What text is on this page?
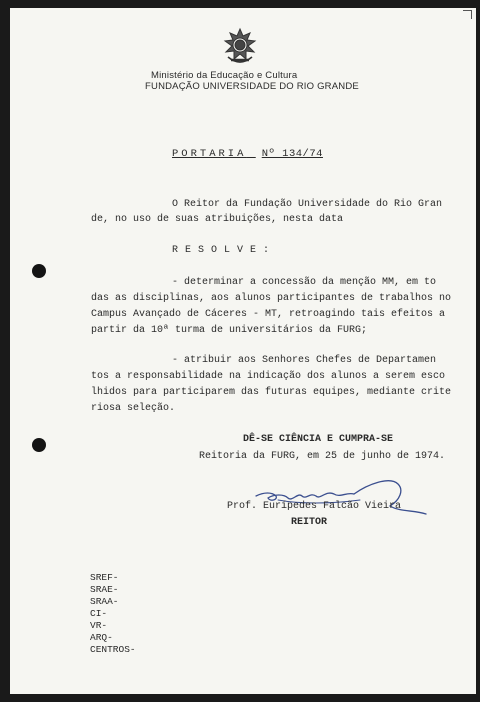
Ministério da Educação e Cultura
FUNDAÇÃO UNIVERSIDADE DO RIO GRANDE
PORTARIA Nº 134/74
O Reitor da Fundação Universidade do Rio Gran
de, no uso de suas atribuições, nesta data
R E S O L V E :
- determinar a concessão da menção MM, em to
das as disciplinas, aos alunos participantes de trabalhos no
Campus Avançado de Cáceres - MT, retroagindo tais efeitos a
partir da 10ª turma de universitários da FURG;
- atribuir aos Senhores Chefes de Departamen
tos a responsabilidade na indicação dos alunos a serem esco
lhidos para participarem das futuras equipes, mediante crite
riosa seleção.
DÊ-SE CIÊNCIA E CUMPRA-SE
Reitoria da FURG, em 25 de junho de 1974.
Prof. Eurípedes Falcão Vieira
REITOR
SREF-
SRAE-
SRAA-
CI-
VR-
ARQ-
CENTROS-
